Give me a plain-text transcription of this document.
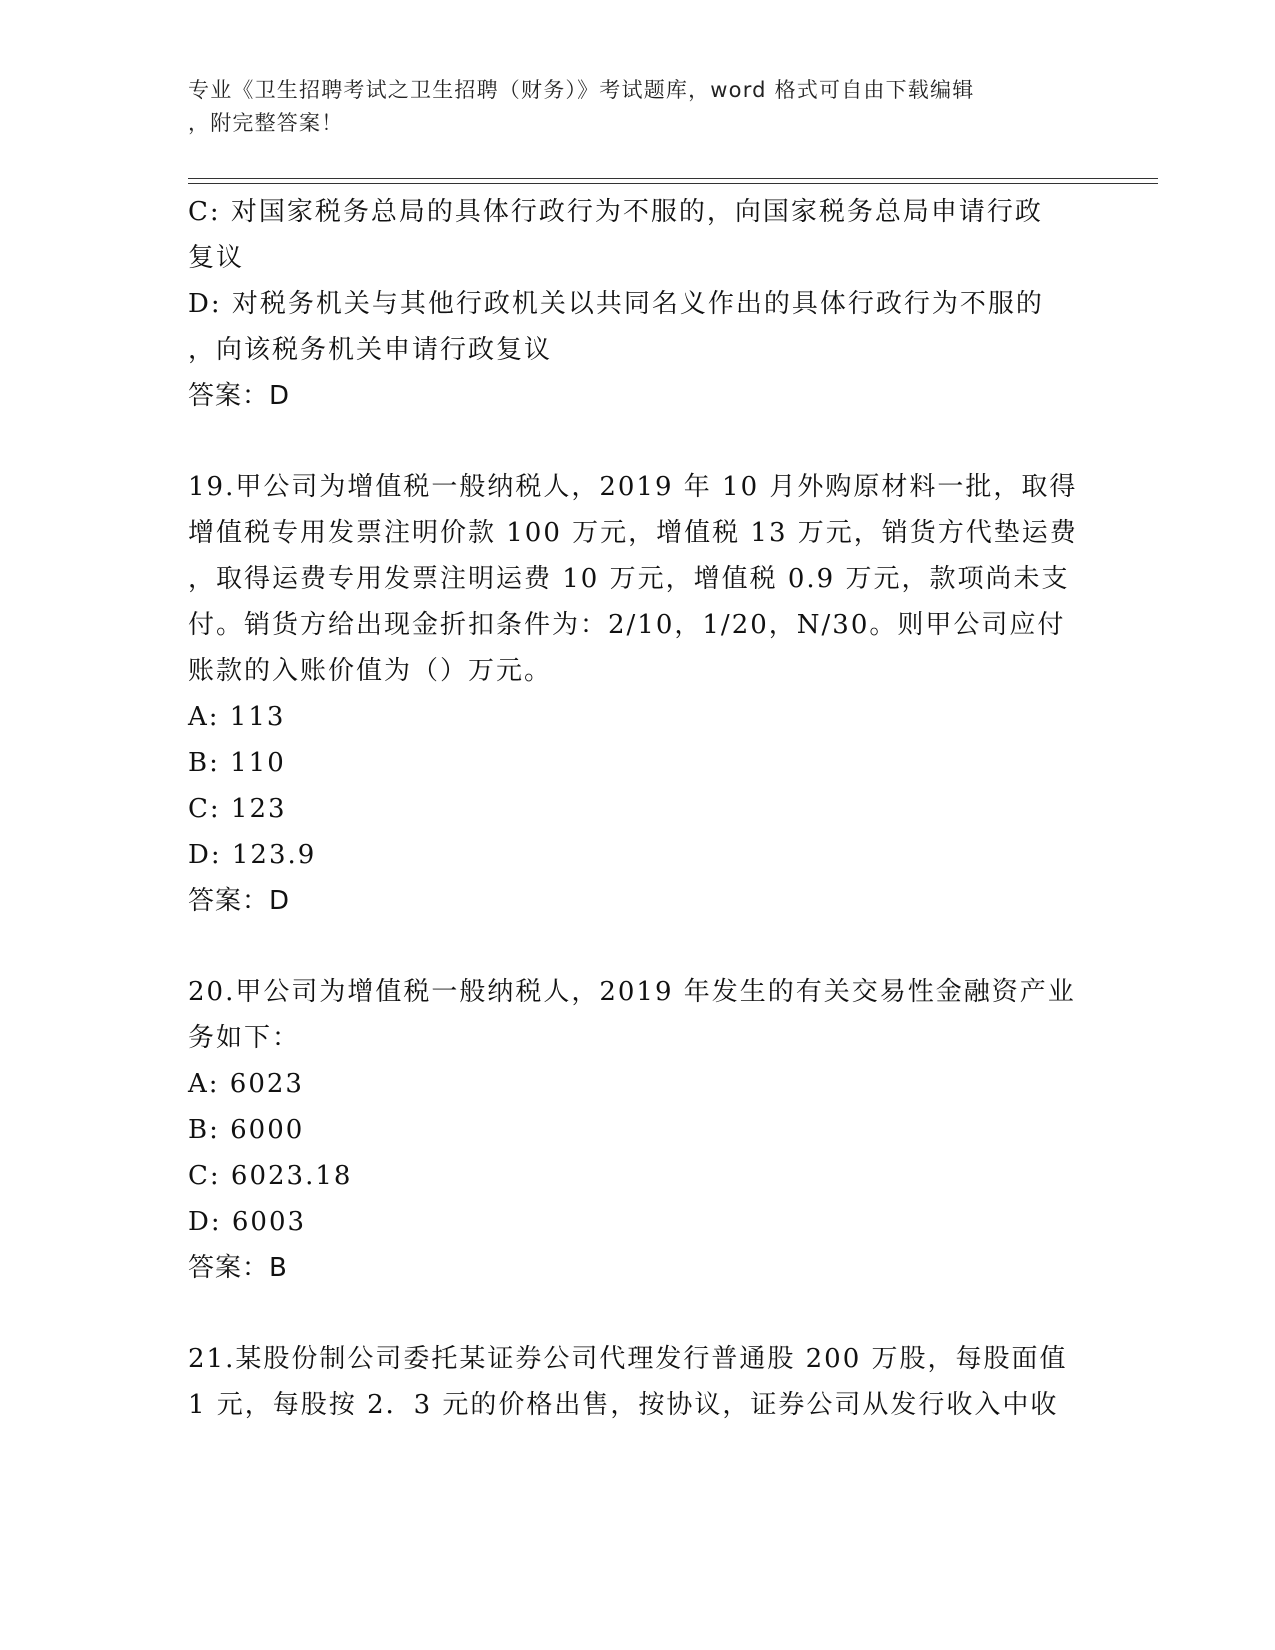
专业《卫生招聘考试之卫生招聘（财务）》考试题库，word 格式可自由下载编辑
，附完整答案！
C: 对国家税务总局的具体行政行为不服的，向国家税务总局申请行政
复议
D: 对税务机关与其他行政机关以共同名义作出的具体行政行为不服的
，向该税务机关申请行政复议
答案：D
19.甲公司为增值税一般纳税人，2019 年 10 月外购原材料一批，取得
增值税专用发票注明价款 100 万元，增值税 13 万元，销货方代垫运费
，取得运费专用发票注明运费 10 万元，增值税 0.9 万元，款项尚未支
付。销货方给出现金折扣条件为：2/10，1/20，N/30。则甲公司应付
账款的入账价值为（）万元。
A: 113
B: 110
C: 123
D: 123.9
答案：D
20.甲公司为增值税一般纳税人，2019 年发生的有关交易性金融资产业
务如下：
A: 6023
B: 6000
C: 6023.18
D: 6003
答案：B
21.某股份制公司委托某证券公司代理发行普通股 200 万股，每股面值
1 元，每股按 2．3 元的价格出售，按协议，证券公司从发行收入中收
